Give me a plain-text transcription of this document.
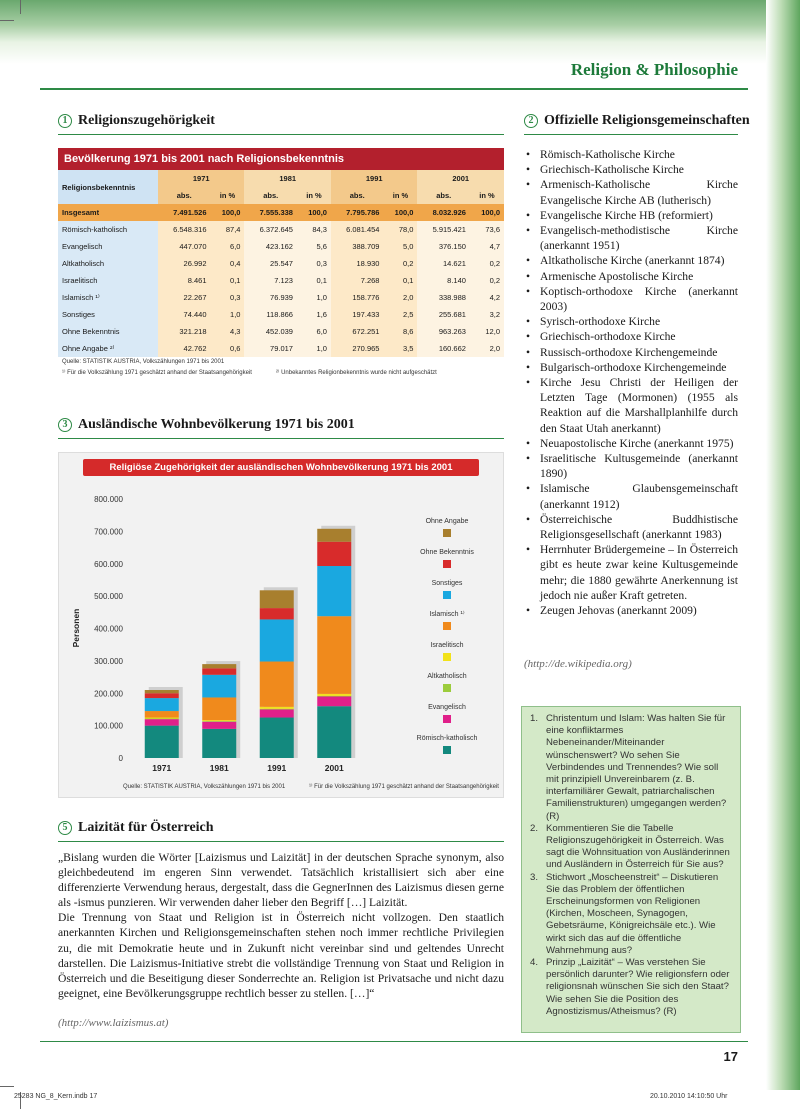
Religion & Philosophie
1 Religionszugehörigkeit
Bevölkerung 1971 bis 2001 nach Religionsbekenntnis
Religionsbekenntnis	1971		1981		1991		2001	
	abs.	in %	abs.	in %	abs.	in %	abs.	in %
Insgesamt	7.491.526	100,0	7.555.338	100,0	7.795.786	100,0	8.032.926	100,0
Römisch-katholisch	6.548.316	87,4	6.372.645	84,3	6.081.454	78,0	5.915.421	73,6
Evangelisch	447.070	6,0	423.162	5,6	388.709	5,0	376.150	4,7
Altkatholisch	26.992	0,4	25.547	0,3	18.930	0,2	14.621	0,2
Israelitisch	8.461	0,1	7.123	0,1	7.268	0,1	8.140	0,2
Islamisch ¹⁾	22.267	0,3	76.939	1,0	158.776	2,0	338.988	4,2
Sonstiges	74.440	1,0	118.866	1,6	197.433	2,5	255.681	3,2
Ohne Bekenntnis	321.218	4,3	452.039	6,0	672.251	8,6	963.263	12,0
Ohne Angabe ²⁾	42.762	0,6	79.017	1,0	270.965	3,5	160.662	2,0
Quelle: STATISTIK AUSTRIA, Volkszählungen 1971 bis 2001
¹⁾ Für die Volkszählung 1971 geschätzt anhand der Staatsangehörigkeit	²⁾ Unbekanntes Religionbekenntnis wurde nicht aufgeschätzt
3 Ausländische Wohnbevölkerung 1971 bis 2001
Religiöse Zugehörigkeit der ausländischen Wohnbevölkerung 1971 bis 2001
0
100.000
200.000
300.000
400.000
500.000
600.000
700.000
800.000
Personen
1971	1981	1991	2001
Ohne Angabe
Ohne Bekenntnis
Sonstiges
Islamisch ¹⁾
Israelitisch
Altkatholisch
Evangelisch
Römisch-katholisch
Quelle: STATISTIK AUSTRIA, Volkszählungen 1971 bis 2001	¹⁾ Für die Volkszählung 1971 geschätzt anhand der Staatsangehörigkeit
5 Laizität für Österreich

„Bislang wurden die Wörter [Laizismus und Laizität] in der deutschen Sprache synonym, also gleichbedeutend im engeren Sinn verwendet. Tatsächlich kristallisiert sich aber eine differenzierte Verwendung heraus, dergestalt, dass die GegnerInnen des Laizismus diesen gerne als -ismus punzieren. Wir verwenden daher lieber den Begriff […] Laizität.

Die Trennung von Staat und Religion ist in Österreich nicht vollzogen. Den staatlich anerkannten Kirchen und Religionsgemeinschaften stehen noch immer rechtliche Privilegien zu, die mit Demokratie heute und in Zukunft nicht vereinbar sind und geltendes Unrecht darstellen. Die Laizismus-Initiative strebt die vollständige Trennung von Staat und Religion in Österreich und die Beseitigung dieser Sonderrechte an. Religion ist Privatsache und nicht dazu geeignet, eine Bevölkerungsgruppe rechtlich besser zu stellen. […]“

(http://www.laizismus.at)
2 Offizielle Religionsgemeinschaften
• Römisch-Katholische Kirche
• Griechisch-Katholische Kirche
• Armenisch-Katholische Kirche Evangelische Kirche AB (lutherisch)
• Evangelische Kirche HB (reformiert)
• Evangelisch-methodistische Kirche (anerkannt 1951)
• Altkatholische Kirche (anerkannt 1874)
• Armenische Apostolische Kirche
• Koptisch-orthodoxe Kirche (anerkannt 2003)
• Syrisch-orthodoxe Kirche
• Griechisch-orthodoxe Kirche
• Russisch-orthodoxe Kirchengemeinde
• Bulgarisch-orthodoxe Kirchengemeinde
• Kirche Jesu Christi der Heiligen der Letzten Tage (Mormonen) (1955 als Reaktion auf die Marshallplanhilfe durch den Staat Utah anerkannt)
• Neuapostolische Kirche (anerkannt 1975)
• Israelitische Kultusgemeinde (anerkannt 1890)
• Islamische Glaubensgemeinschaft (anerkannt 1912)
• Österreichische Buddhistische Religionsgesellschaft (anerkannt 1983)
• Herrnhuter Brüdergemeine – In Österreich gibt es heute zwar keine Kultusgemeinde mehr; die 1880 gewährte Anerkennung ist jedoch nie außer Kraft getreten.
• Zeugen Jehovas (anerkannt 2009)
(http://de.wikipedia.org)
1. Christentum und Islam: Was halten Sie für eine konfliktarmes Nebeneinander/Miteinander wünschenswert? Wo sehen Sie Verbindendes und Trennendes? Wie soll mit prinzipiell Unvereinbarem (z. B. interfamiliärer Gewalt, patriarchalischen Familienstrukturen) umgegangen werden? (R)
2. Kommentieren Sie die Tabelle Religionszugehörigkeit in Österreich. Was sagt die Wohnsituation von Ausländerinnen und Ausländern in Österreich für Sie aus?
3. Stichwort „Moscheenstreit“ – Diskutieren Sie das Problem der öffentlichen Erscheinungsformen von Religionen (Kirchen, Moscheen, Synagogen, Gebetsräume, Königreichsäle etc.). Wie wirkt sich das auf die öffentliche Wahrnehmung aus?
4. Prinzip „Laizität“ – Was verstehen Sie persönlich darunter? Wie religionsfern oder religionsnah wünschen Sie sich den Staat? Wie sehen Sie die Position des Agnostizismus/Atheismus? (R)
17
25283 NG_8_Kern.indb 17	20.10.2010 14:10:50 Uhr
